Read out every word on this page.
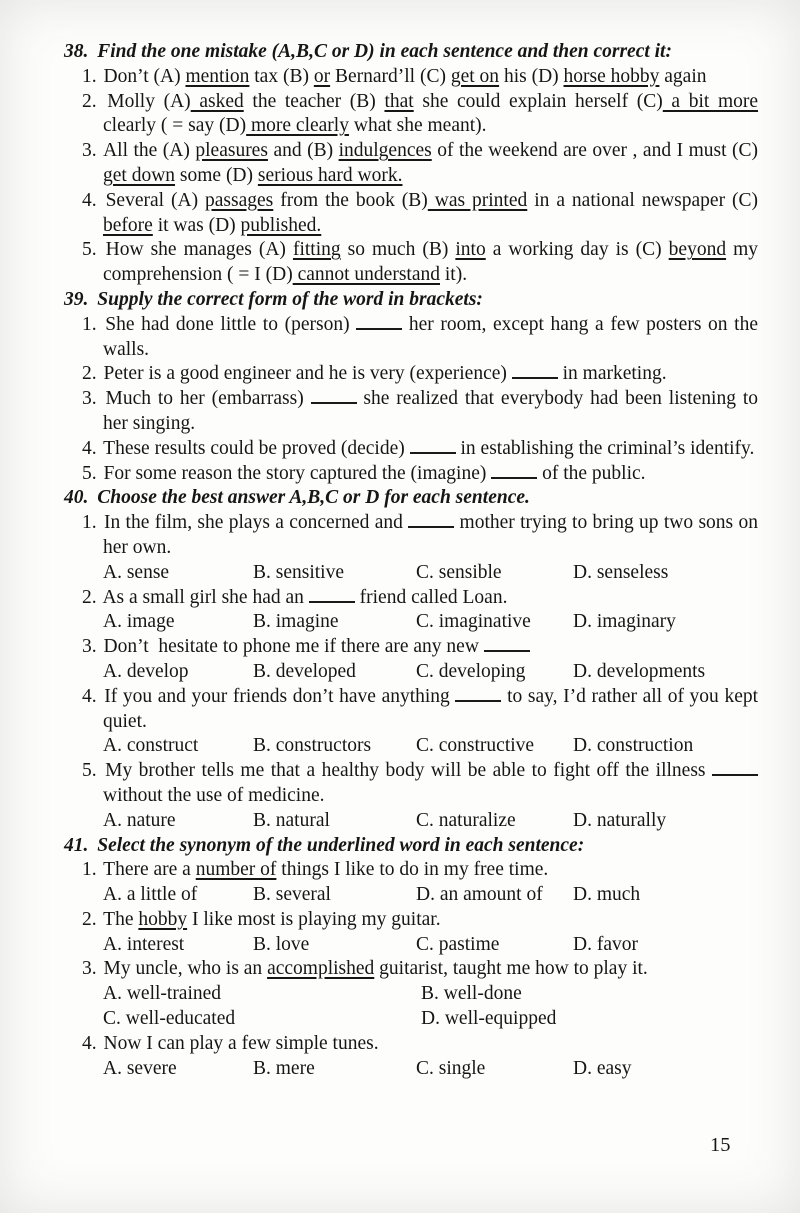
38. Find the one mistake (A,B,C or D) in each sentence and then correct it:

1. Don’t (A) mention tax (B) or Bernard’ll (C) get on his (D) horse hobby again

2. Molly (A) asked the teacher (B) that she could explain herself (C) a bit more clearly ( = say (D) more clearly what she meant).

3. All the (A) pleasures and (B) indulgences of the weekend are over , and I must (C) get down some (D) serious hard work.

4. Several (A) passages from the book (B) was printed in a national newspaper (C) before it was (D) published.

5. How she manages (A) fitting so much (B) into a working day is (C) beyond my comprehension ( = I (D) cannot understand it).

39. Supply the correct form of the word in brackets:

1. She had done little to (person)  her room, except hang a few posters on the walls.

2. Peter is a good engineer and he is very (experience)  in marketing.

3. Much to her (embarrass)  she realized that everybody had been listening to her singing.

4. These results could be proved (decide)  in establishing the criminal’s identify.

5. For some reason the story captured the (imagine)  of the public.

40. Choose the best answer A,B,C or D for each sentence.

1. In the film, she plays a concerned and  mother trying to bring up two sons on her own.

A. sense	B. sensitive	C. sensible	D. senseless

2. As a small girl she had an  friend called Loan.

A. image	B. imagine	C. imaginative	D. imaginary

3. Don’t  hesitate to phone me if there are any new

A. develop	B. developed	C. developing	D. developments

4. If you and your friends don’t have anything  to say, I’d rather all of you kept quiet.

A. construct	B. constructors	C. constructive	D. construction

5. My brother tells me that a healthy body will be able to fight off the illness  without the use of medicine.

A. nature	B. natural	C. naturalize	D. naturally

41. Select the synonym of the underlined word in each sentence:

1. There are a number of things I like to do in my free time.

A. a little of	B. several	D. an amount of	D. much

2. The hobby I like most is playing my guitar.

A. interest	B. love	C. pastime	D. favor

3. My uncle, who is an accomplished guitarist, taught me how to play it.

A. well-trained	B. well-done
C. well-educated	D. well-equipped

4. Now I can play a few simple tunes.

A. severe	B. mere	C. single	D. easy
15
